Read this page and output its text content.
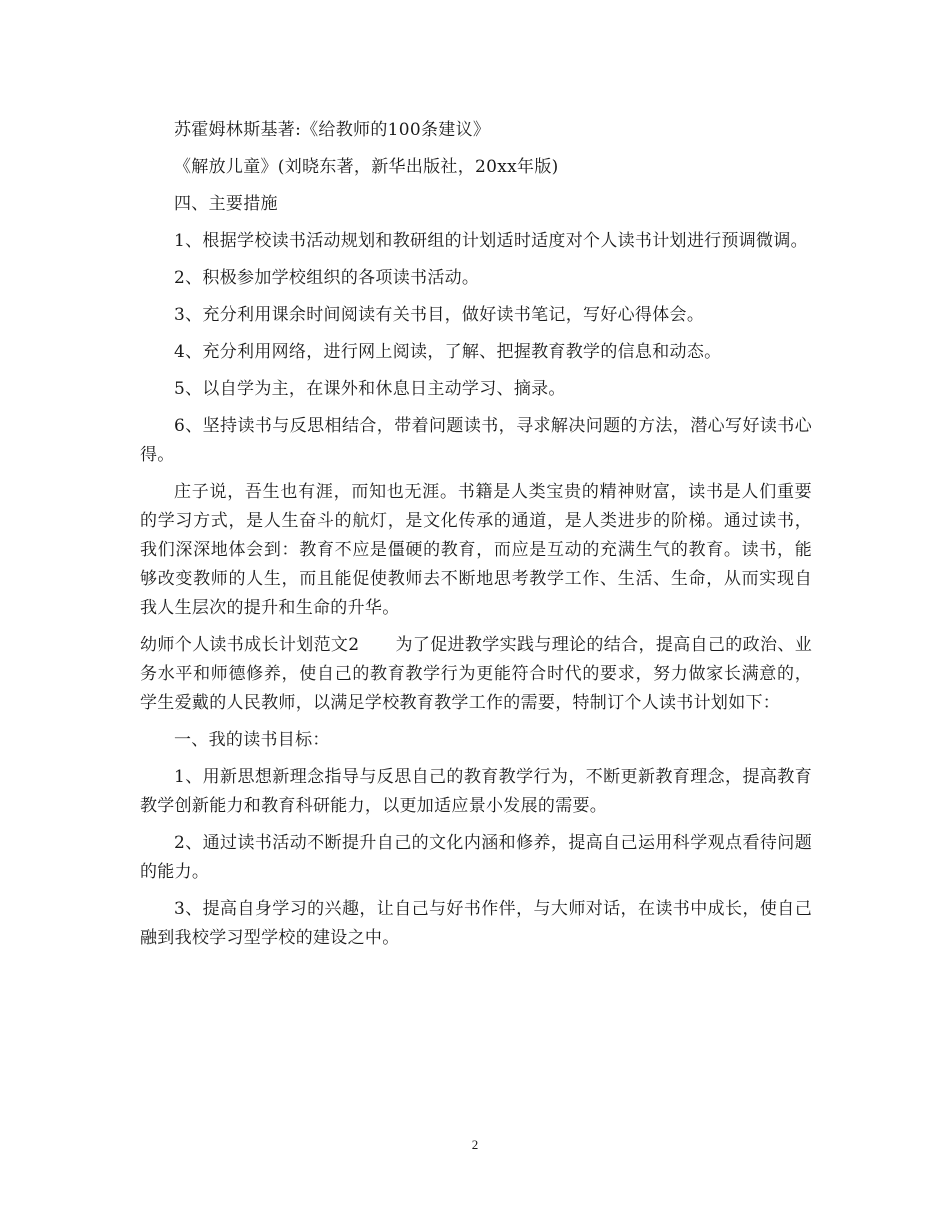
苏霍姆林斯基著:《给教师的100条建议》

《解放儿童》(刘晓东著，新华出版社，20xx年版)

四、主要措施

1、根据学校读书活动规划和教研组的计划适时适度对个人读书计划进行预调微调。

2、积极参加学校组织的各项读书活动。

3、充分利用课余时间阅读有关书目，做好读书笔记，写好心得体会。

4、充分利用网络，进行网上阅读，了解、把握教育教学的信息和动态。

5、以自学为主，在课外和休息日主动学习、摘录。

6、坚持读书与反思相结合，带着问题读书，寻求解决问题的方法，潜心写好读书心得。

庄子说，吾生也有涯，而知也无涯。书籍是人类宝贵的精神财富，读书是人们重要的学习方式，是人生奋斗的航灯，是文化传承的通道，是人类进步的阶梯。通过读书，我们深深地体会到：教育不应是僵硬的教育，而应是互动的充满生气的教育。读书，能够改变教师的人生，而且能促使教师去不断地思考教学工作、生活、生命，从而实现自我人生层次的提升和生命的升华。

幼师个人读书成长计划范文2 为了促进教学实践与理论的结合，提高自己的政治、业务水平和师德修养，使自己的教育教学行为更能符合时代的要求，努力做家长满意的，学生爱戴的人民教师，以满足学校教育教学工作的需要，特制订个人读书计划如下：

一、我的读书目标：

1、用新思想新理念指导与反思自己的教育教学行为，不断更新教育理念，提高教育教学创新能力和教育科研能力，以更加适应景小发展的需要。

2、通过读书活动不断提升自己的文化内涵和修养，提高自己运用科学观点看待问题的能力。

3、提高自身学习的兴趣，让自己与好书作伴，与大师对话，在读书中成长，使自己融到我校学习型学校的建设之中。

2
